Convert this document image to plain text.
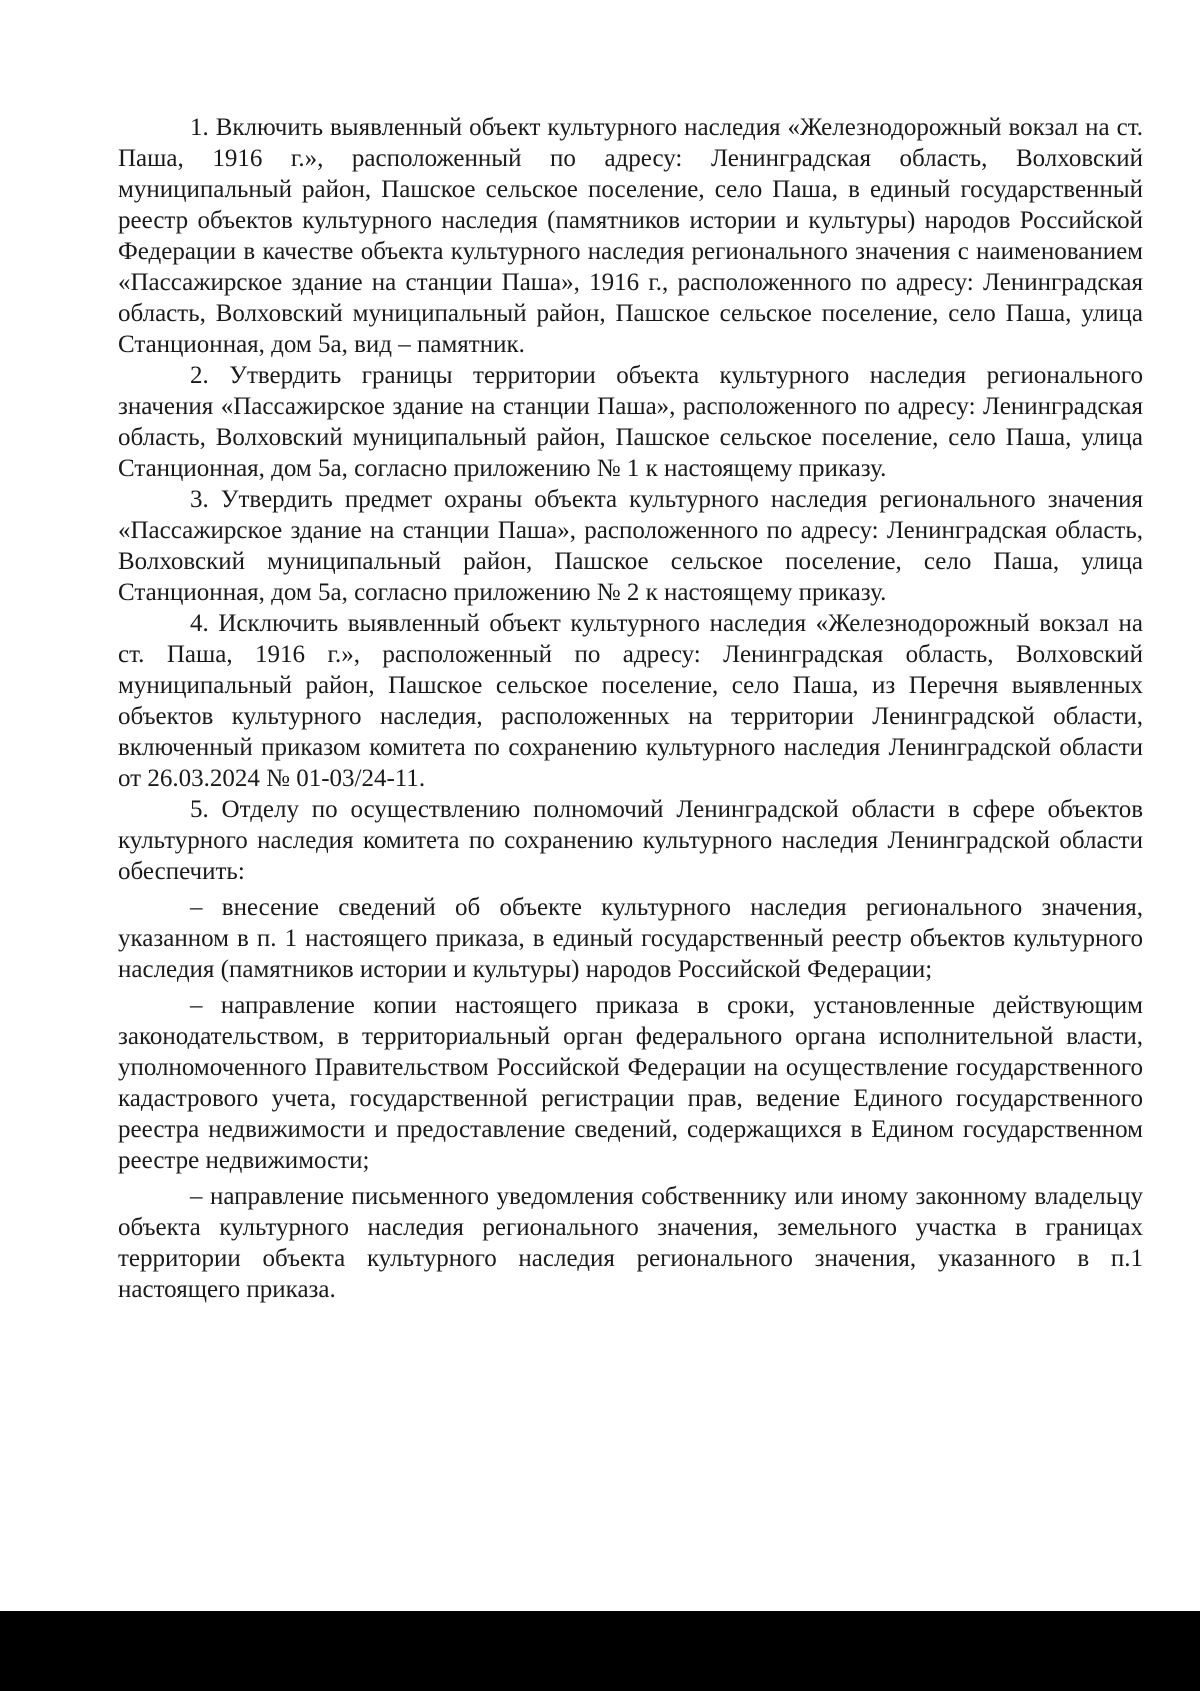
1. Включить выявленный объект культурного наследия «Железнодорожный вокзал на ст. Паша, 1916 г.», расположенный по адресу: Ленинградская область, Волховский муниципальный район, Пашское сельское поселение, село Паша, в единый государственный реестр объектов культурного наследия (памятников истории и культуры) народов Российской Федерации в качестве объекта культурного наследия регионального значения с наименованием «Пассажирское здание на станции Паша», 1916 г., расположенного по адресу: Ленинградская область, Волховский муниципальный район, Пашское сельское поселение, село Паша, улица Станционная, дом 5а, вид – памятник.

2. Утвердить границы территории объекта культурного наследия регионального значения «Пассажирское здание на станции Паша», расположенного по адресу: Ленинградская область, Волховский муниципальный район, Пашское сельское поселение, село Паша, улица Станционная, дом 5а, согласно приложению № 1 к настоящему приказу.

3. Утвердить предмет охраны объекта культурного наследия регионального значения «Пассажирское здание на станции Паша», расположенного по адресу: Ленинградская область, Волховский муниципальный район, Пашское сельское поселение, село Паша, улица Станционная, дом 5а, согласно приложению № 2 к настоящему приказу.

4. Исключить выявленный объект культурного наследия «Железнодорожный вокзал на ст. Паша, 1916 г.», расположенный по адресу: Ленинградская область, Волховский муниципальный район, Пашское сельское поселение, село Паша, из Перечня выявленных объектов культурного наследия, расположенных на территории Ленинградской области, включенный приказом комитета по сохранению культурного наследия Ленинградской области от 26.03.2024 № 01-03/24-11.

5. Отделу по осуществлению полномочий Ленинградской области в сфере объектов культурного наследия комитета по сохранению культурного наследия Ленинградской области обеспечить:

– внесение сведений об объекте культурного наследия регионального значения, указанном в п. 1 настоящего приказа, в единый государственный реестр объектов культурного наследия (памятников истории и культуры) народов Российской Федерации;

– направление копии настоящего приказа в сроки, установленные действующим законодательством, в территориальный орган федерального органа исполнительной власти, уполномоченного Правительством Российской Федерации на осуществление государственного кадастрового учета, государственной регистрации прав, ведение Единого государственного реестра недвижимости и предоставление сведений, содержащихся в Едином государственном реестре недвижимости;

– направление письменного уведомления собственнику или иному законному владельцу объекта культурного наследия регионального значения, земельного участка в границах территории объекта культурного наследия регионального значения, указанного в п.1 настоящего приказа.
